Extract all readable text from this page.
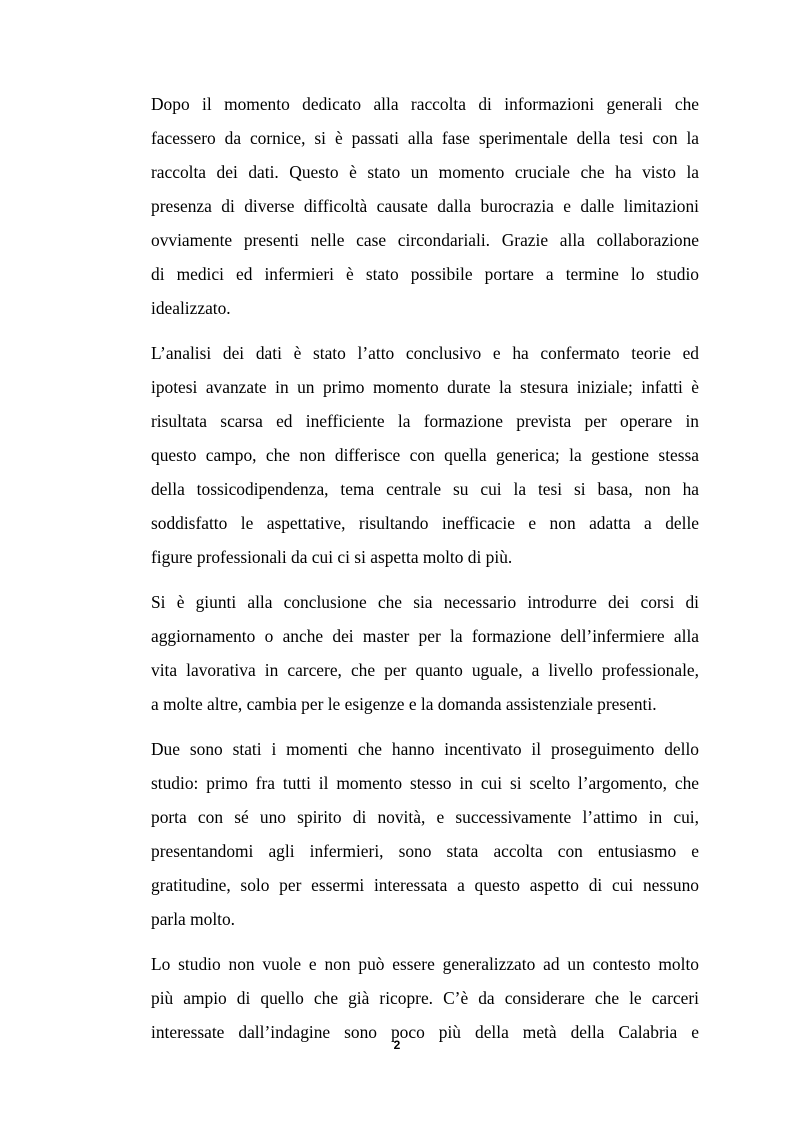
Dopo il momento dedicato alla raccolta di informazioni generali che
facessero da cornice, si è passati alla fase sperimentale della tesi con la
raccolta dei dati. Questo è stato un momento cruciale che ha visto la
presenza di diverse difficoltà causate dalla burocrazia e dalle limitazioni
ovviamente presenti nelle case circondariali. Grazie alla collaborazione
di medici ed infermieri è stato possibile portare a termine lo studio
idealizzato.

L’analisi dei dati è stato l’atto conclusivo e ha confermato teorie ed
ipotesi avanzate in un primo momento durate la stesura iniziale; infatti è
risultata scarsa ed inefficiente la formazione prevista per operare in
questo campo, che non differisce con quella generica; la gestione stessa
della tossicodipendenza, tema centrale su cui la tesi si basa, non ha
soddisfatto le aspettative, risultando inefficacie e non adatta a delle
figure professionali da cui ci si aspetta molto di più.

Si è giunti alla conclusione che sia necessario introdurre dei corsi di
aggiornamento o anche dei master per la formazione dell’infermiere alla
vita lavorativa in carcere, che per quanto uguale, a livello professionale,
a molte altre, cambia per le esigenze e la domanda assistenziale presenti.

Due sono stati i momenti che hanno incentivato il proseguimento dello
studio: primo fra tutti il momento stesso in cui si scelto l’argomento, che
porta con sé uno spirito di novità, e successivamente l’attimo in cui,
presentandomi agli infermieri, sono stata accolta con entusiasmo e
gratitudine, solo per essermi interessata a questo aspetto di cui nessuno
parla molto.

Lo studio non vuole e non può essere generalizzato ad un contesto molto
più ampio di quello che già ricopre. C’è da considerare che le carceri
interessate dall’indagine sono poco più della metà della Calabria e

2
